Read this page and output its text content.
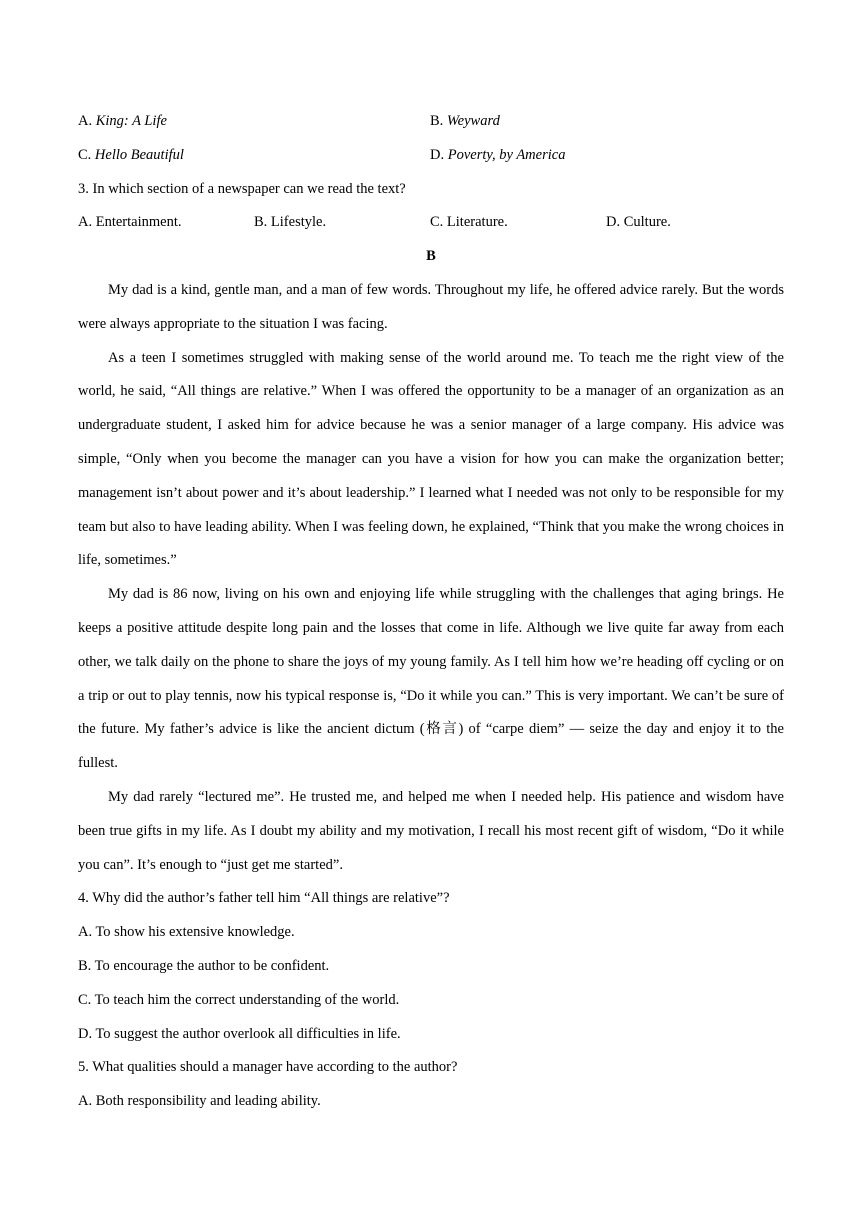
A. King: A Life	B. Weyward
C. Hello Beautiful	D. Poverty, by America
3. In which section of a newspaper can we read the text?
A. Entertainment.	B. Lifestyle.	C. Literature.	D. Culture.
B

My dad is a kind, gentle man, and a man of few words. Throughout my life, he offered advice rarely. But the words were always appropriate to the situation I was facing.

As a teen I sometimes struggled with making sense of the world around me. To teach me the right view of the world, he said, “All things are relative.” When I was offered the opportunity to be a manager of an organization as an undergraduate student, I asked him for advice because he was a senior manager of a large company. His advice was simple, “Only when you become the manager can you have a vision for how you can make the organization better; management isn’t about power and it’s about leadership.” I learned what I needed was not only to be responsible for my team but also to have leading ability. When I was feeling down, he explained, “Think that you make the wrong choices in life, sometimes.”

My dad is 86 now, living on his own and enjoying life while struggling with the challenges that aging brings. He keeps a positive attitude despite long pain and the losses that come in life. Although we live quite far away from each other, we talk daily on the phone to share the joys of my young family. As I tell him how we’re heading off cycling or on a trip or out to play tennis, now his typical response is, “Do it while you can.” This is very important. We can’t be sure of the future. My father’s advice is like the ancient dictum (格言) of “carpe diem” — seize the day and enjoy it to the fullest.

My dad rarely “lectured me”. He trusted me, and helped me when I needed help. His patience and wisdom have been true gifts in my life. As I doubt my ability and my motivation, I recall his most recent gift of wisdom, “Do it while you can”. It’s enough to “just get me started”.

4. Why did the author’s father tell him “All things are relative”?
A. To show his extensive knowledge.
B. To encourage the author to be confident.
C. To teach him the correct understanding of the world.
D. To suggest the author overlook all difficulties in life.
5. What qualities should a manager have according to the author?
A. Both responsibility and leading ability.
